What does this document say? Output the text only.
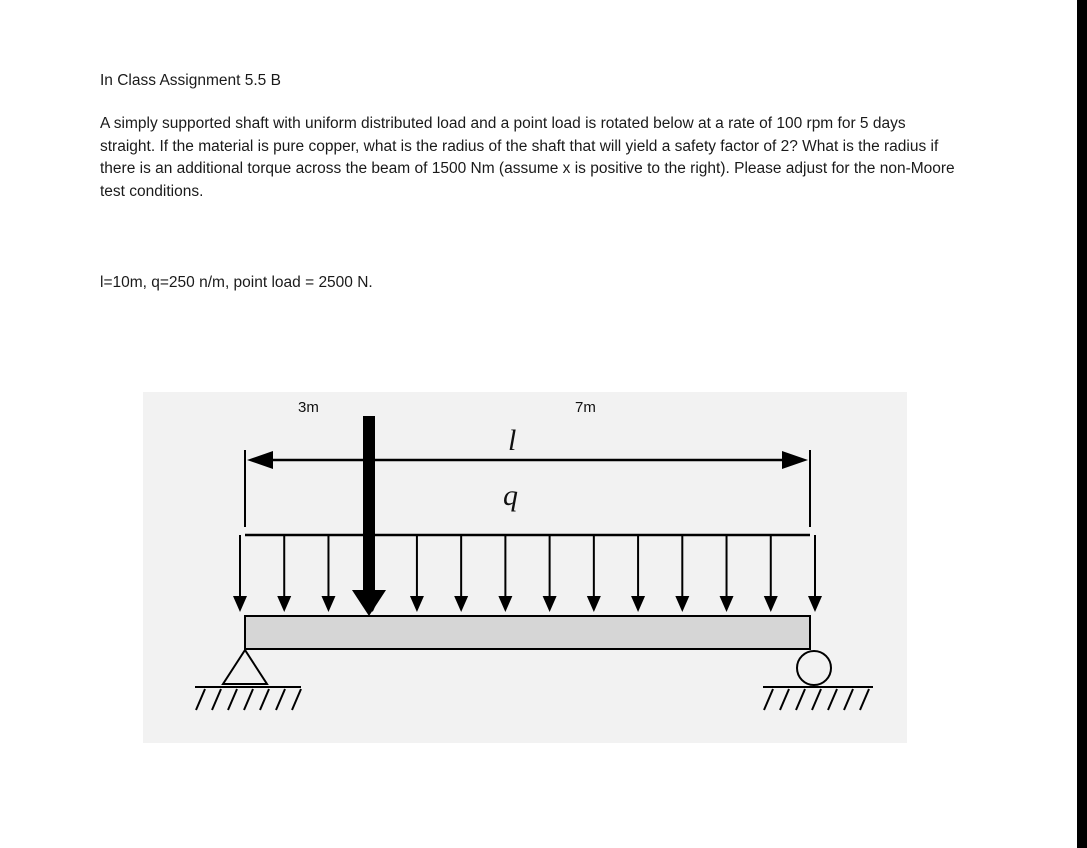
In Class Assignment 5.5 B
A simply supported shaft with uniform distributed load and a point load is rotated below at a rate of 100 rpm for 5 days straight. If the material is pure copper, what is the radius of the shaft that will yield a safety factor of 2? What is the radius if there is an additional torque across the beam of 1500 Nm (assume x is positive to the right). Please adjust for the non-Moore test conditions.
l=10m, q=250 n/m, point load = 2500 N.
3m	7m
l
q
